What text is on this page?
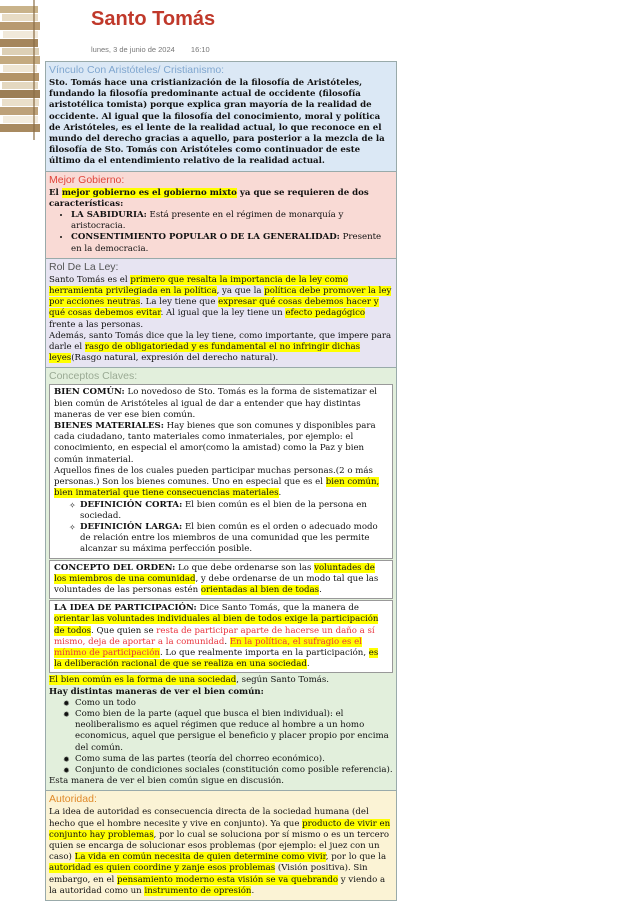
Santo Tomás
lunes, 3 de junio de 2024 16:10
Vínculo Con Aristóteles/ Cristianismo:

Sto. Tomás hace una cristianización de la filosofía de Aristóteles, fundando la filosofía predominante actual de occidente (filosofía aristotélica tomista) porque explica gran mayoría de la realidad de occidente. Al igual que la filosofía del conocimiento, moral y política de Aristóteles, es el lente de la realidad actual, lo que reconoce en el mundo del derecho gracias a aquello, para posterior a la mezcla de la filosofía de Sto. Tomás con Aristóteles como continuador de este último da el entendimiento relativo de la realidad actual.

Mejor Gobierno:

El mejor gobierno es el gobierno mixto ya que se requieren de dos características:

• LA SABIDURIA: Está presente en el régimen de monarquía y aristocracia.
• CONSENTIMIENTO POPULAR O DE LA GENERALIDAD: Presente en la democracia.
Rol De La Ley:

Santo Tomás es el primero que resalta la importancia de la ley como herramienta privilegiada en la política, ya que la política debe promover la ley por acciones neutras. La ley tiene que expresar qué cosas debemos hacer y qué cosas debemos evitar. Al igual que la ley tiene un efecto pedagógico frente a las personas.

Además, santo Tomás dice que la ley tiene, como importante, que impere para darle el rasgo de obligatoriedad y es fundamental el no infringir dichas leyes(Rasgo natural, expresión del derecho natural).

Conceptos Claves:

BIEN COMÚN: Lo novedoso de Sto. Tomás es la forma de sistematizar el bien común de Aristóteles al igual de dar a entender que hay distintas maneras de ver ese bien común.

BIENES MATERIALES: Hay bienes que son comunes y disponibles para cada ciudadano, tanto materiales como inmateriales, por ejemplo: el conocimiento, en especial el amor(como la amistad) como la Paz y bien común inmaterial.

Aquellos fines de los cuales pueden participar muchas personas.(2 o más personas.) Son los bienes comunes. Uno en especial que es el bien común, bien inmaterial que tiene consecuencias materiales.

✧ DEFINICIÓN CORTA: El bien común es el bien de la persona en sociedad.
✧ DEFINICIÓN LARGA: El bien común es el orden o adecuado modo de relación entre los miembros de una comunidad que les permite alcanzar su máxima perfección posible.

CONCEPTO DEL ORDEN: Lo que debe ordenarse son las voluntades de los miembros de una comunidad, y debe ordenarse de un modo tal que las voluntades de las personas estén orientadas al bien de todas.

LA IDEA DE PARTICIPACIÓN: Dice Santo Tomás, que la manera de orientar las voluntades individuales al bien de todos exige la participación de todos. Que quien se resta de participar aparte de hacerse un daño a sí mismo, deja de aportar a la comunidad. En la política, el sufragio es el mínimo de participación. Lo que realmente importa en la participación, es la deliberación racional de que se realiza en una sociedad.

El bien común es la forma de una sociedad, según Santo Tomás.

Hay distintas maneras de ver el bien común:

✹ Como un todo
✹ Como bien de la parte (aquel que busca el bien individual): el neoliberalismo es aquel régimen que reduce al hombre a un homo economicus, aquel que persigue el beneficio y placer propio por encima del común.
✹ Como suma de las partes (teoría del chorreo económico).
✹ Conjunto de condiciones sociales (constitución como posible referencia).

Esta manera de ver el bien común sigue en discusión.

Autoridad:

La idea de autoridad es consecuencia directa de la sociedad humana (del hecho que el hombre necesite y vive en conjunto). Ya que producto de vivir en conjunto hay problemas, por lo cual se soluciona por sí mismo o es un tercero quien se encarga de solucionar esos problemas (por ejemplo: el juez con un caso) La vida en común necesita de quien determine como vivir, por lo que la autoridad es quien coordine y zanje esos problemas (Visión positiva). Sin embargo, en el pensamiento moderno esta visión se va quebrando y viendo a la autoridad como un instrumento de opresión.
